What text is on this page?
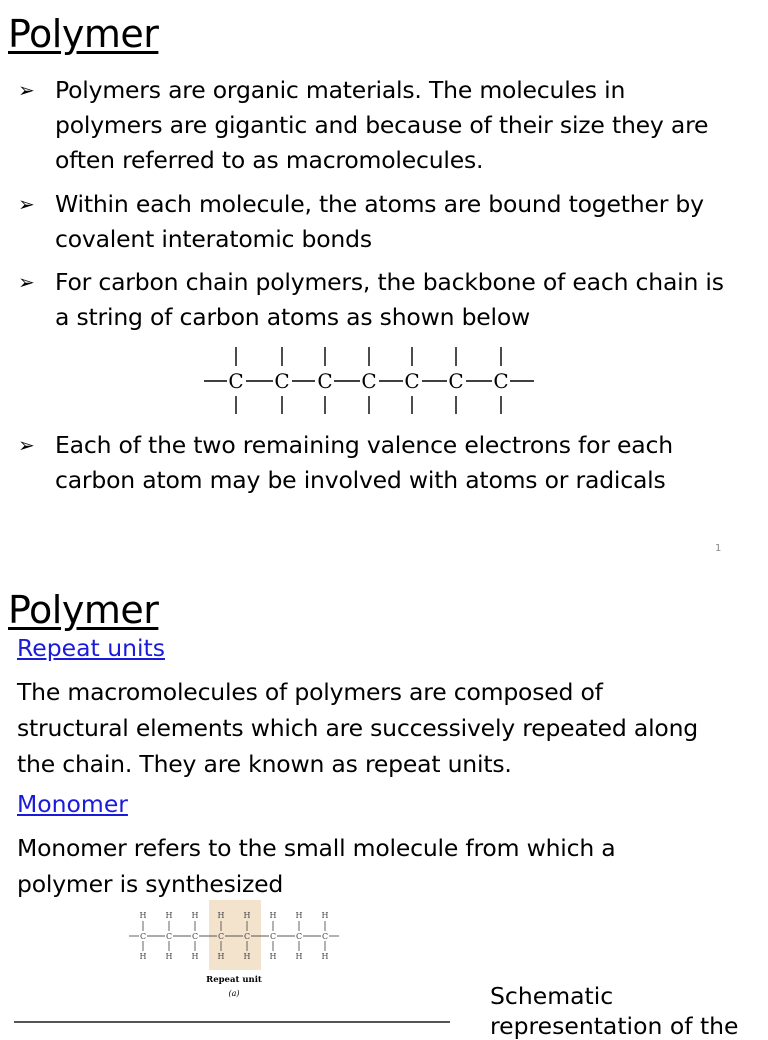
Polymer
➢ Polymers are organic materials. The molecules in
polymers are gigantic and because of their size they are
often referred to as macromolecules.
➢ Within each molecule, the atoms are bound together by
covalent interatomic bonds
➢ For carbon chain polymers, the backbone of each chain is
a string of carbon atoms as shown below
C C C C C C C
➢ Each of the two remaining valence electrons for each
carbon atom may be involved with atoms or radicals
1
Polymer
Repeat units
The macromolecules of polymers are composed of
structural elements which are successively repeated along
the chain. They are known as repeat units.
Monomer
Monomer refers to the small molecule from which a
polymer is synthesized
C C C C C C C C
H H H H H H H H
H H H H H H H H
Repeat unit
(a)	Schematic
representation of the
